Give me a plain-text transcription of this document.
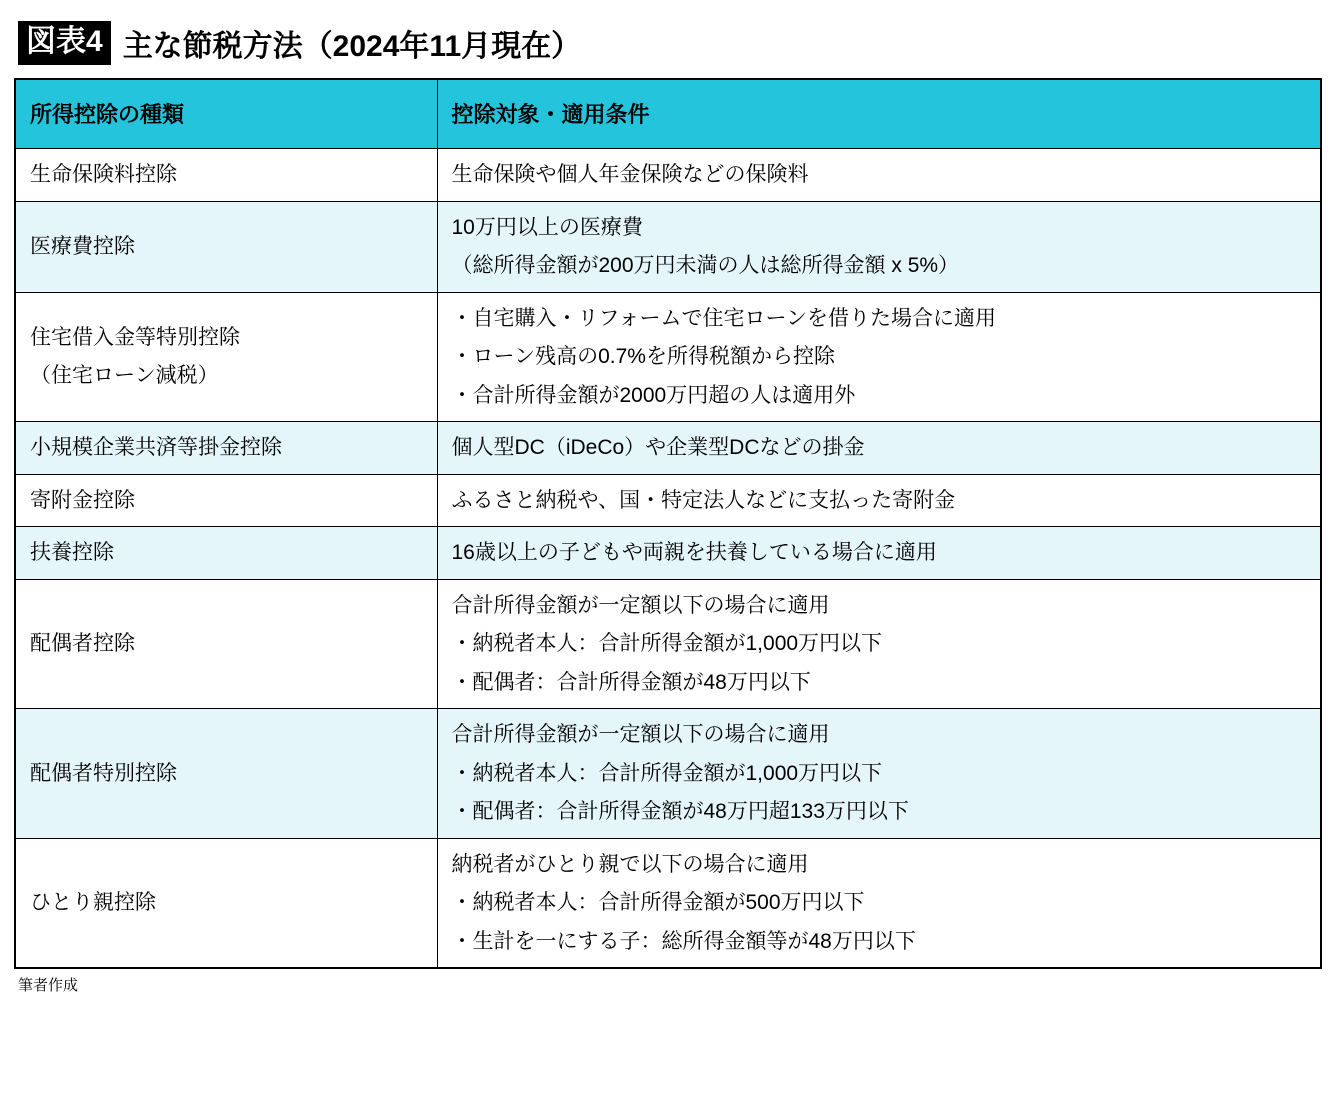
図表4 主な節税方法（2024年11月現在）
所得控除の種類	控除対象・適用条件
生命保険料控除	生命保険や個人年金保険などの保険料

医療費控除	10万円以上の医療費
（総所得金額が200万円未満の人は総所得金額 x 5%）

住宅借入金等特別控除
（住宅ローン減税）	・自宅購入・リフォームで住宅ローンを借りた場合に適用
・ローン残高の0.7%を所得税額から控除
・合計所得金額が2000万円超の人は適用外

小規模企業共済等掛金控除	個人型DC（iDeCo）や企業型DCなどの掛金

寄附金控除	ふるさと納税や、国・特定法人などに支払った寄附金

扶養控除	16歳以上の子どもや両親を扶養している場合に適用

配偶者控除	合計所得金額が一定額以下の場合に適用
・納税者本人：合計所得金額が1,000万円以下
・配偶者：合計所得金額が48万円以下

配偶者特別控除	合計所得金額が一定額以下の場合に適用
・納税者本人：合計所得金額が1,000万円以下
・配偶者：合計所得金額が48万円超133万円以下

ひとり親控除	納税者がひとり親で以下の場合に適用
・納税者本人：合計所得金額が500万円以下
・生計を一にする子：総所得金額等が48万円以下
筆者作成
